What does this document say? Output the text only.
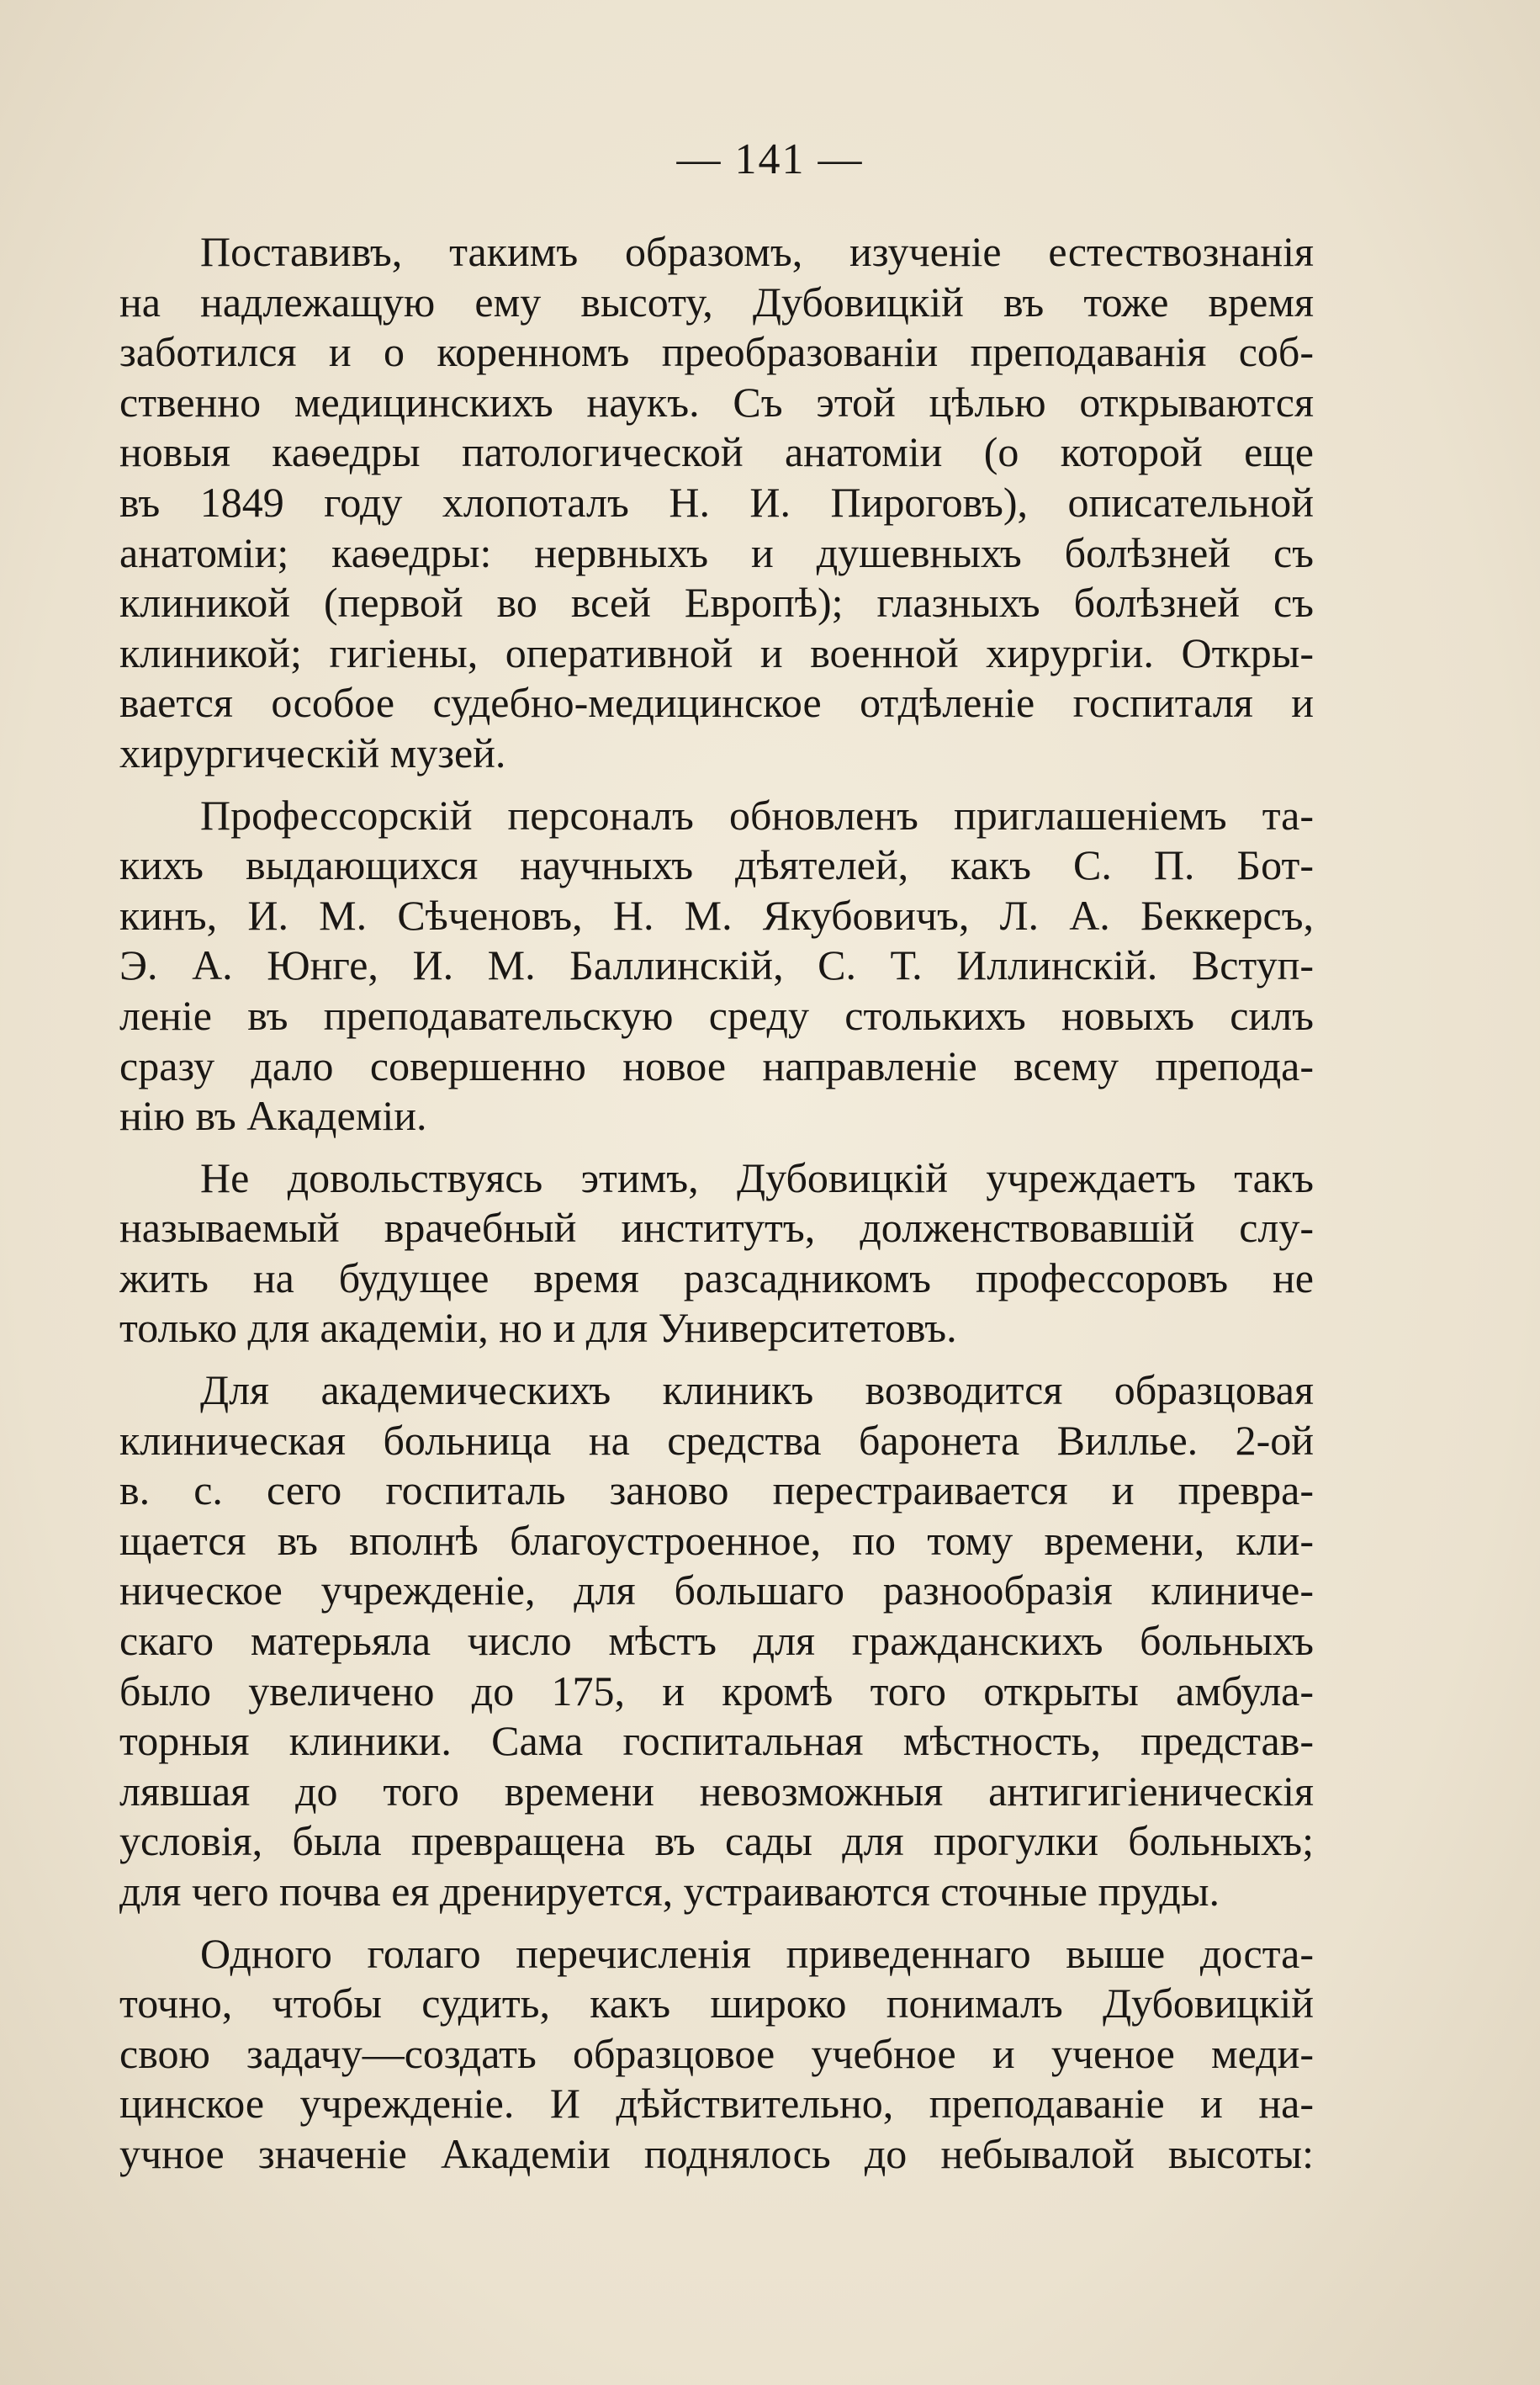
— 141 —
Поставивъ, такимъ образомъ, изученіе естествознанія
на надлежащую ему высоту, Дубовицкій въ тоже время
заботился и о коренномъ преобразованіи преподаванія соб-
ственно медицинскихъ наукъ. Съ этой цѣлью открываются
новыя каѳедры патологической анатоміи (о которой еще
въ 1849 году хлопоталъ Н. И. Пироговъ), описательной
анатоміи; каѳедры: нервныхъ и душевныхъ болѣзней съ
клиникой (первой во всей Европѣ); глазныхъ болѣзней съ
клиникой; гигіены, оперативной и военной хирургіи. Откры-
вается особое судебно-медицинское отдѣленіе госпиталя и
хирургическій музей.
Профессорскій персоналъ обновленъ приглашеніемъ та-
кихъ выдающихся научныхъ дѣятелей, какъ С. П. Бот-
кинъ, И. М. Сѣченовъ, Н. М. Якубовичъ, Л. А. Беккерсъ,
Э. А. Юнге, И. М. Баллинскій, С. Т. Иллинскій. Вступ-
леніе въ преподавательскую среду столькихъ новыхъ силъ
сразу дало совершенно новое направленіе всему препода-
нію въ Академіи.
Не довольствуясь этимъ, Дубовицкій учреждаетъ такъ
называемый врачебный институтъ, долженствовавшій слу-
жить на будущее время разсадникомъ профессоровъ не
только для академіи, но и для Университетовъ.
Для академическихъ клиникъ возводится образцовая
клиническая больница на средства баронета Виллье. 2-ой
в. с. сего госпиталь заново перестраивается и превра-
щается въ вполнѣ благоустроенное, по тому времени, кли-
ническое учрежденіе, для большаго разнообразія клиниче-
скаго матерьяла число мѣстъ для гражданскихъ больныхъ
было увеличено до 175, и кромѣ того открыты амбула-
торныя клиники. Сама госпитальная мѣстность, представ-
лявшая до того времени невозможныя антигигіеническія
условія, была превращена въ сады для прогулки больныхъ;
для чего почва ея дренируется, устраиваются сточные пруды.
Одного голаго перечисленія приведеннаго выше доста-
точно, чтобы судить, какъ широко понималъ Дубовицкій
свою задачу—создать образцовое учебное и ученое меди-
цинское учрежденіе. И дѣйствительно, преподаваніе и на-
учное значеніе Академіи поднялось до небывалой высоты:
